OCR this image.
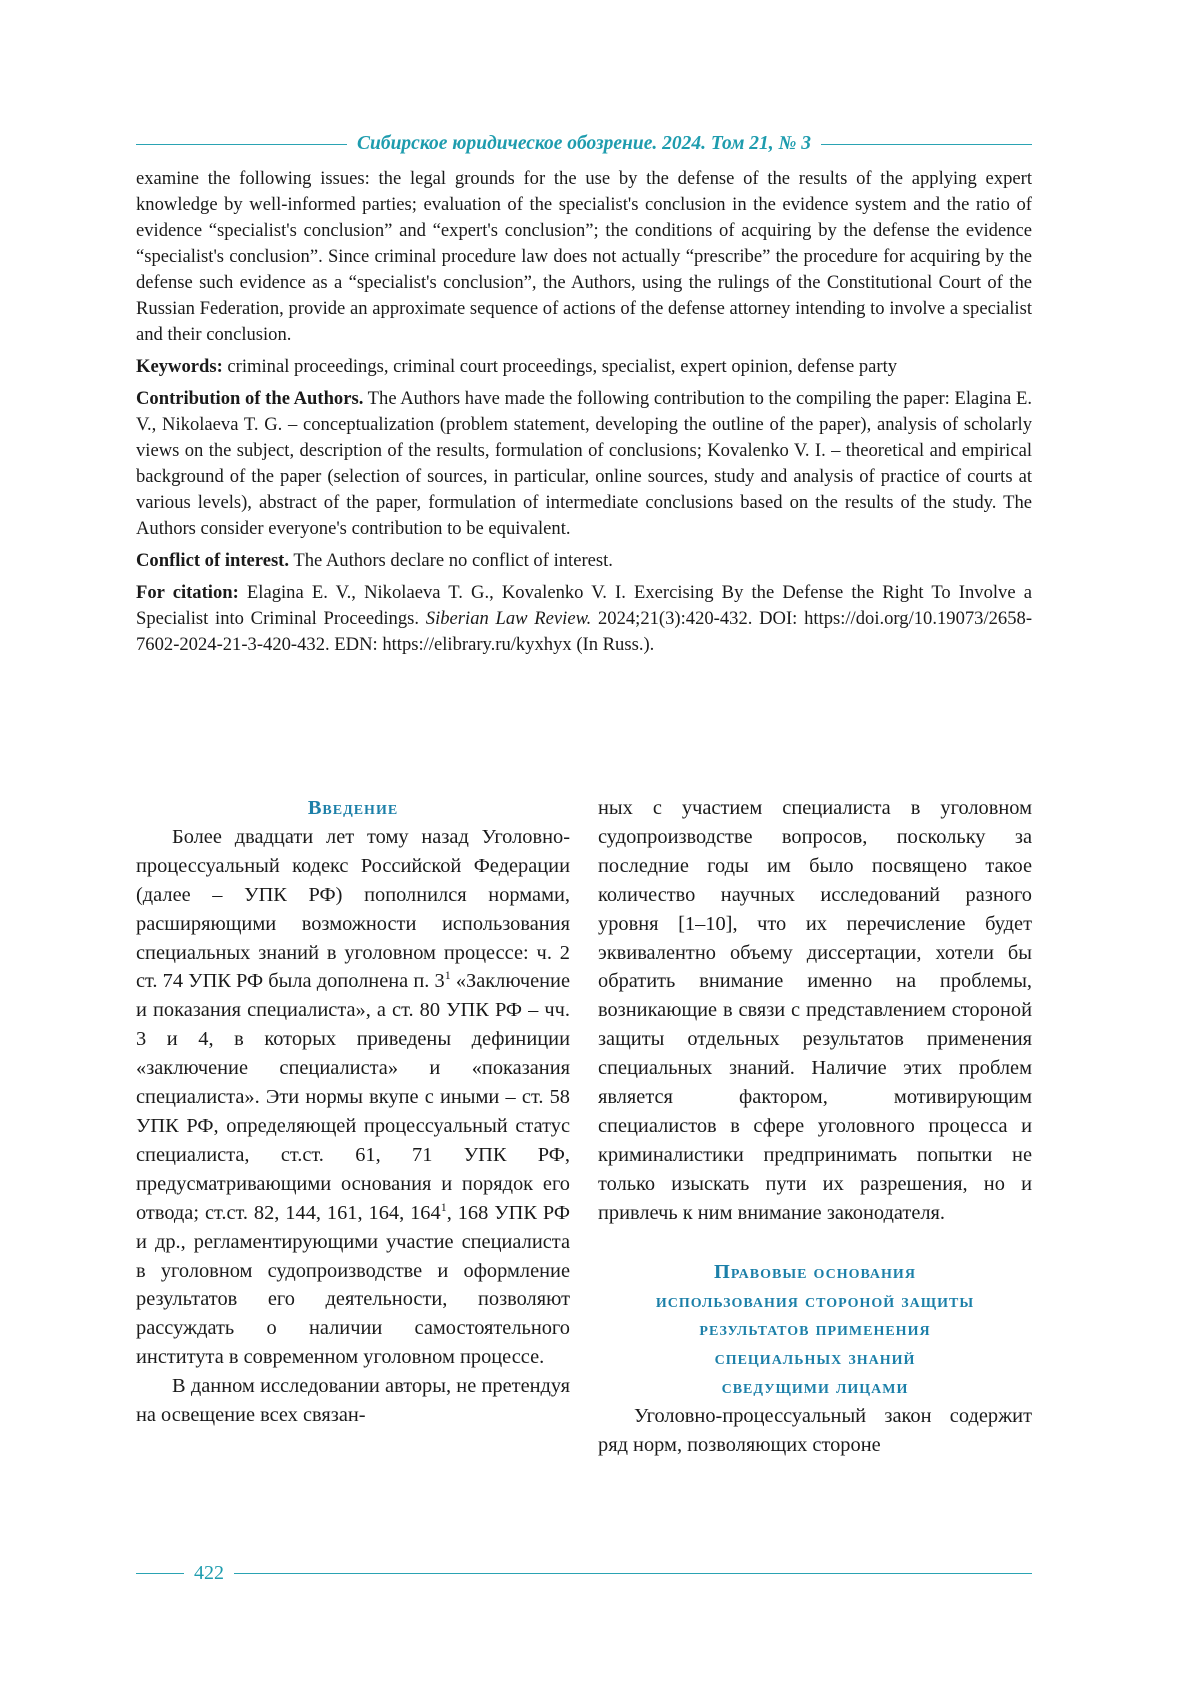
Сибирское юридическое обозрение. 2024. Том 21, № 3

examine the following issues: the legal grounds for the use by the defense of the results of the applying expert knowledge by well-informed parties; evaluation of the specialist's conclusion in the evidence system and the ratio of evidence “specialist's conclusion” and “expert's conclusion”; the conditions of acquiring by the defense the evidence “specialist's conclusion”. Since criminal procedure law does not actually “prescribe” the procedure for acquiring by the defense such evidence as a “specialist's conclusion”, the Authors, using the rulings of the Constitutional Court of the Russian Federation, provide an approximate sequence of actions of the defense attorney intending to involve a specialist and their conclusion.

Keywords: criminal proceedings, criminal court proceedings, specialist, expert opinion, defense party

Contribution of the Authors. The Authors have made the following contribution to the compiling the paper: Elagina E. V., Nikolaeva T. G. – conceptualization (problem statement, developing the outline of the paper), analysis of scholarly views on the subject, description of the results, formulation of conclusions; Kovalenko V. I. – theoretical and empirical background of the paper (selection of sources, in particular, online sources, study and analysis of practice of courts at various levels), abstract of the paper, formulation of intermediate conclusions based on the results of the study. The Authors consider everyone's contribution to be equivalent.

Conflict of interest. The Authors declare no conflict of interest.

For citation: Elagina E. V., Nikolaeva T. G., Kovalenko V. I. Exercising By the Defense the Right To Involve a Specialist into Criminal Proceedings. Siberian Law Review. 2024;21(3):420-432. DOI: https://doi.org/10.19073/2658-7602-2024-21-3-420-432. EDN: https://elibrary.ru/kyxhyx (In Russ.).

Введение

Более двадцати лет тому назад Уголовно-процессуальный кодекс Российской Федерации (далее – УПК РФ) пополнился нормами, расширяющими возможности использования специальных знаний в уголовном процессе: ч. 2 ст. 74 УПК РФ была дополнена п. $3^1$ «Заключение и показания специалиста», а ст. 80 УПК РФ – чч. 3 и 4, в которых приведены дефиниции «заключение специалиста» и «показания специалиста». Эти нормы вкупе с иными – ст. 58 УПК РФ, определяющей процессуальный статус специалиста, ст.ст. 61, 71 УПК РФ, предусматривающими основания и порядок его отвода; ст.ст. 82, 144, 161, 164, $164^1$, 168 УПК РФ и др., регламентирующими участие специалиста в уголовном судопроизводстве и оформление результатов его деятельности, позволяют рассуждать о наличии самостоятельного института в современном уголовном процессе.

В данном исследовании авторы, не претендуя на освещение всех связан-

ных с участием специалиста в уголовном судопроизводстве вопросов, поскольку за последние годы им было посвящено такое количество научных исследований разного уровня [1–10], что их перечисление будет эквивалентно объему диссертации, хотели бы обратить внимание именно на проблемы, возникающие в связи с представлением стороной защиты отдельных результатов применения специальных знаний. Наличие этих проблем является фактором, мотивирующим специалистов в сфере уголовного процесса и криминалистики предпринимать попытки не только изыскать пути их разрешения, но и привлечь к ним внимание законодателя.

Правовые основания
использования стороной защиты
результатов применения
специальных знаний
сведущими лицами

Уголовно-процессуальный закон содержит ряд норм, позволяющих стороне

422
